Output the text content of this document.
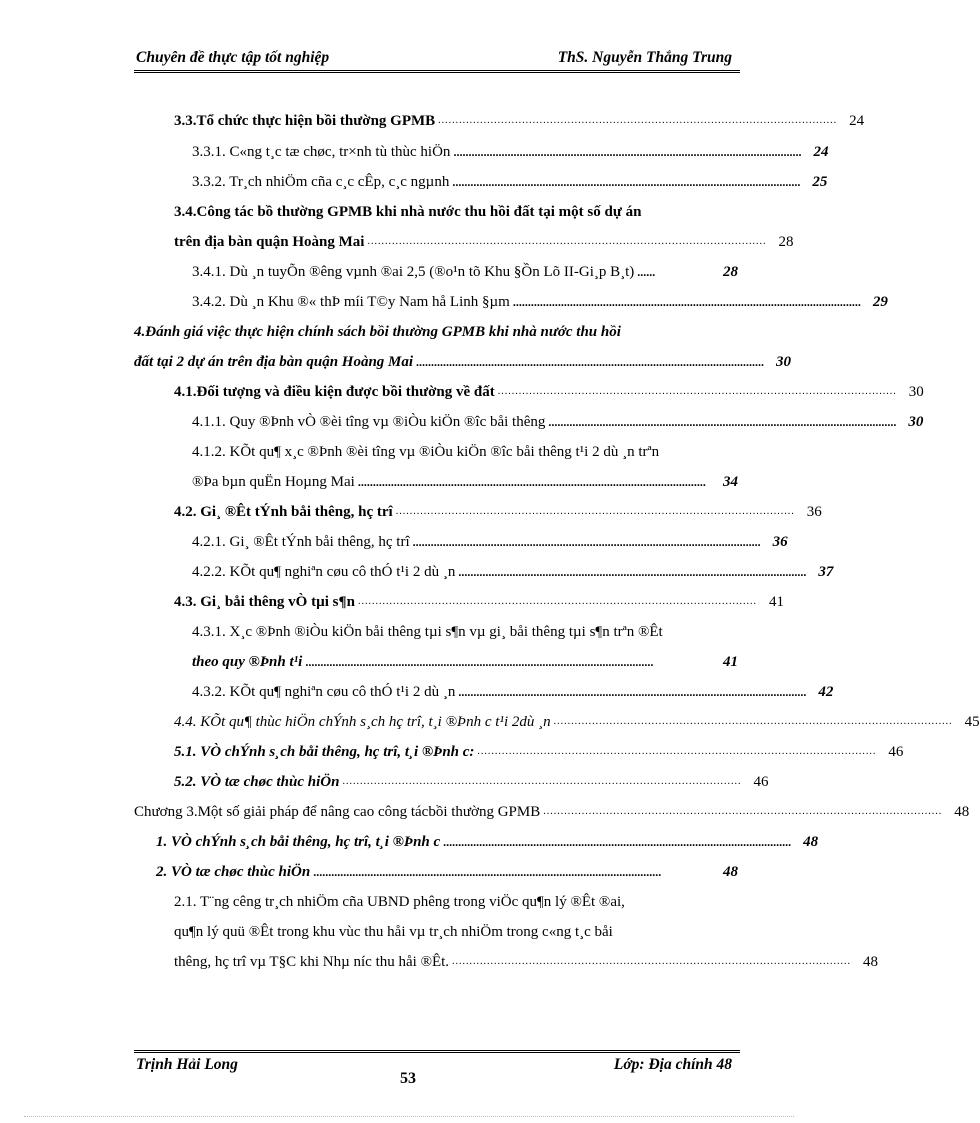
Chuyên đề thực tập tốt nghiệp	ThS. Nguyễn Thắng Trung
3.3.Tổ chức thực hiện bồi thường GPMB .................................................................................................................. 24
3.3.1. C«ng t¸c tæ chøc, tr×nh tù thùc hiÖn .................................................................................................................... 24
3.3.2. Tr¸ch nhiÖm cña c¸c cÊp, c¸c ngµnh .................................................................................................................... 25
3.4.Công tác bồ thường GPMB khi nhà nước thu hồi đất tại một số dự án
trên địa bàn quận Hoàng Mai .................................................................................................................. 28
3.4.1. Dù ¸n tuyÕn ®êng vµnh ®ai 2,5 (®o¹n tõ Khu §Ồn Lõ II-Gi¸p B¸t) ......	28
3.4.2. Dù ¸n Khu ®« thÞ míi T©y Nam hå Linh §µm .................................................................................................................... 29
4.Đánh giá việc thực hiện chính sách bồi thường GPMB khi nhà nước thu hồi
đất tại 2 dự án trên địa bàn quận Hoàng Mai .................................................................................................................... 30
4.1.Đối tượng và điều kiện được bồi thường về đất .................................................................................................................. 30
4.1.1. Quy ®Þnh vÒ ®èi tîng vµ ®iÒu kiÖn ®îc båi thêng .................................................................................................................... 30
4.1.2. KÕt qu¶ x¸c ®Þnh ®èi tîng vµ ®iÒu kiÖn ®îc båi thêng t¹i 2 dù ¸n trªn
®Þa bµn quËn Hoµng Mai ....................................................................................................................	34
4.2. Gi¸ ®Êt tÝnh båi thêng, hç trî .................................................................................................................. 36
4.2.1. Gi¸ ®Êt tÝnh båi thêng, hç trî .................................................................................................................... 36
4.2.2. KÕt qu¶ nghiªn cøu cô thÓ t¹i 2 dù ¸n .................................................................................................................... 37
4.3. Gi¸ båi thêng vÒ tµi s¶n .................................................................................................................. 41
4.3.1. X¸c ®Þnh ®iÒu kiÖn båi thêng tµi s¶n vµ gi¸ båi thêng tµi s¶n trªn ®Êt
theo quy ®Þnh t¹i ....................................................................................................................	41
4.3.2. KÕt qu¶ nghiªn cøu cô thÓ t¹i 2 dù ¸n .................................................................................................................... 42
4.4. KÕt qu¶ thùc hiÖn chÝnh s¸ch hç trî, t¸i ®Þnh c t¹i 2dù ¸n .................................................................................................................. 45
5.1. VÒ chÝnh s¸ch båi thêng, hç trî, t¸i ®Þnh c: .................................................................................................................. 46
5.2. VÒ tæ chøc thùc hiÖn .................................................................................................................. 46
Chương 3.Một số giải pháp để nâng cao công tácbồi thường GPMB .................................................................................................................. 48
1. VÒ chÝnh s¸ch båi thêng, hç trî, t¸i ®Þnh c .................................................................................................................... 48
2. VÒ tæ chøc thùc hiÖn ....................................................................................................................	48
2.1. T¨ng cêng tr¸ch nhiÖm cña UBND phêng trong viÖc qu¶n lý ®Êt ®ai,
qu¶n lý quü ®Êt trong khu vùc thu håi vµ tr¸ch nhiÖm trong c«ng t¸c båi
thêng, hç trî vµ T§C khi Nhµ níc thu håi ®Êt. .................................................................................................................. 48
Trịnh Hải Long	Lớp: Địa chính 48
53
